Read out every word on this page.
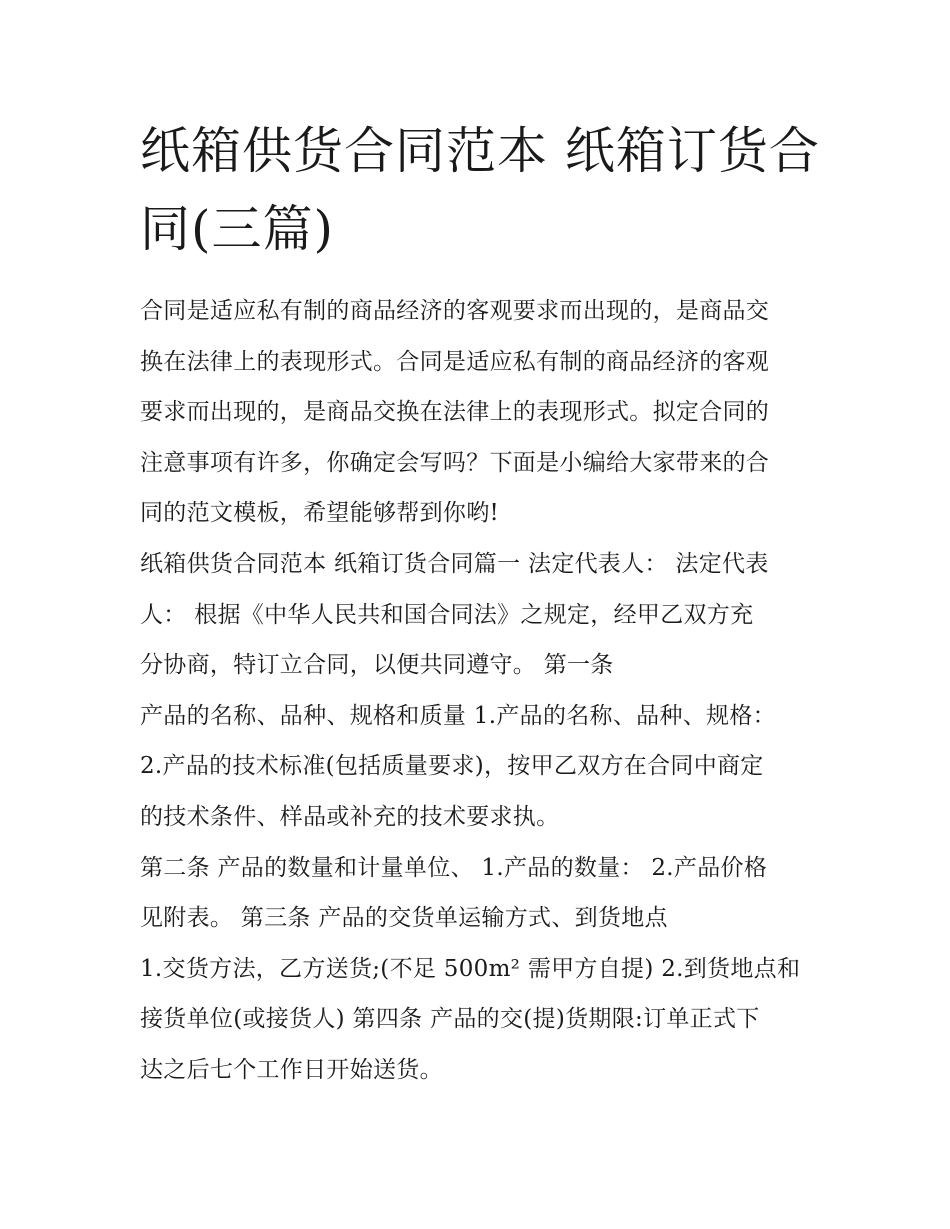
纸箱供货合同范本 纸箱订货合
同(三篇)

合同是适应私有制的商品经济的客观要求而出现的，是商品交
换在法律上的表现形式。合同是适应私有制的商品经济的客观
要求而出现的，是商品交换在法律上的表现形式。拟定合同的
注意事项有许多，你确定会写吗？下面是小编给大家带来的合
同的范文模板，希望能够帮到你哟!

纸箱供货合同范本 纸箱订货合同篇一 法定代表人： 法定代表
人： 根据《中华人民共和国合同法》之规定，经甲乙双方充
分协商，特订立合同，以便共同遵守。 第一条

产品的名称、品种、规格和质量 1.产品的名称、品种、规格：
2.产品的技术标准(包括质量要求)，按甲乙双方在合同中商定
的技术条件、样品或补充的技术要求执。

第二条 产品的数量和计量单位、 1.产品的数量： 2.产品价格
见附表。 第三条 产品的交货单运输方式、到货地点

1.交货方法，乙方送货;(不足 500m² 需甲方自提) 2.到货地点和
接货单位(或接货人) 第四条 产品的交(提)货期限:订单正式下
达之后七个工作日开始送货。
